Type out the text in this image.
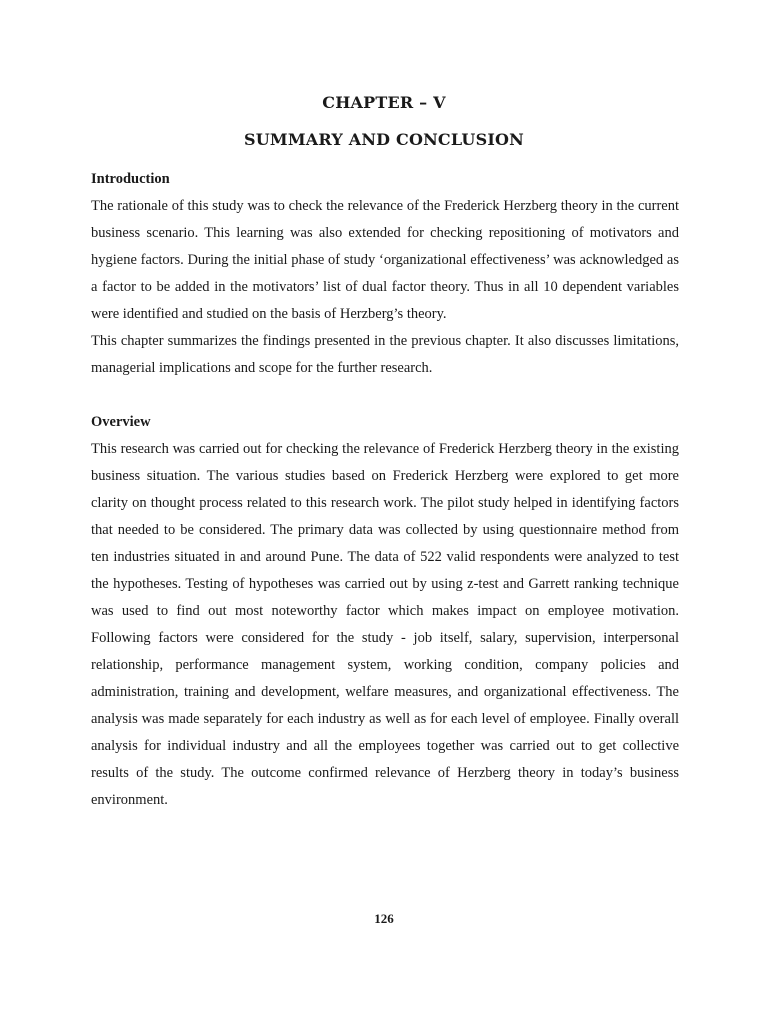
CHAPTER – V
SUMMARY AND CONCLUSION

Introduction

The rationale of this study was to check the relevance of the Frederick Herzberg theory in the current business scenario. This learning was also extended for checking repositioning of motivators and hygiene factors. During the initial phase of study ‘organizational effectiveness’ was acknowledged as a factor to be added in the motivators’ list of dual factor theory. Thus in all 10 dependent variables were identified and studied on the basis of Herzberg’s theory.

This chapter summarizes the findings presented in the previous chapter. It also discusses limitations, managerial implications and scope for the further research.

Overview

This research was carried out for checking the relevance of Frederick Herzberg theory in the existing business situation. The various studies based on Frederick Herzberg were explored to get more clarity on thought process related to this research work. The pilot study helped in identifying factors that needed to be considered. The primary data was collected by using questionnaire method from ten industries situated in and around Pune. The data of 522 valid respondents were analyzed to test the hypotheses. Testing of hypotheses was carried out by using z-test and Garrett ranking technique was used to find out most noteworthy factor which makes impact on employee motivation. Following factors were considered for the study - job itself, salary, supervision, interpersonal relationship, performance management system, working condition, company policies and administration, training and development, welfare measures, and organizational effectiveness. The analysis was made separately for each industry as well as for each level of employee. Finally overall analysis for individual industry and all the employees together was carried out to get collective results of the study. The outcome confirmed relevance of Herzberg theory in today’s business environment.

126
